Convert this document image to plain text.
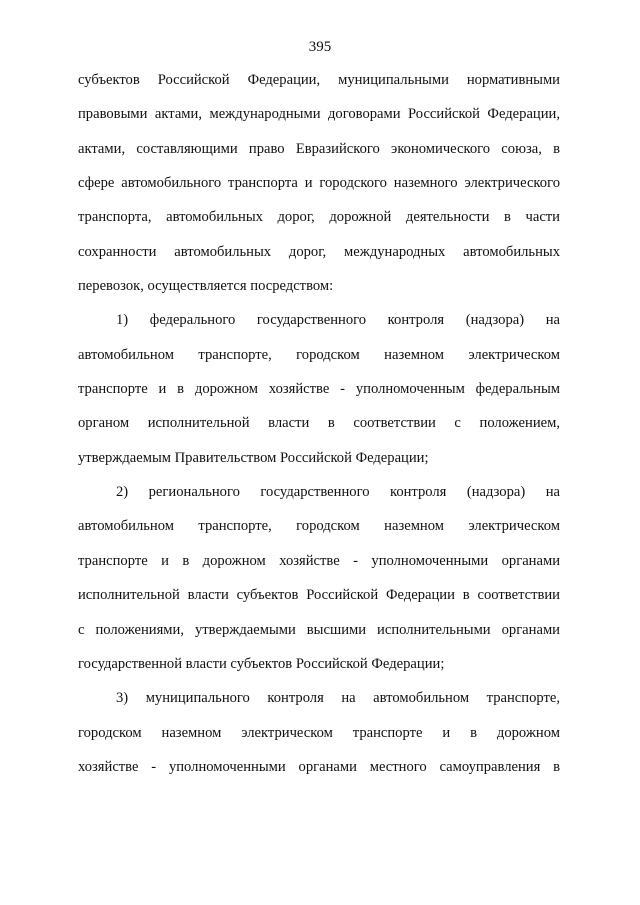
395
субъектов Российской Федерации, муниципальными нормативными
правовыми актами, международными договорами Российской Федерации,
актами, составляющими право Евразийского экономического союза, в
сфере автомобильного транспорта и городского наземного электрического
транспорта, автомобильных дорог, дорожной деятельности в части
сохранности автомобильных дорог, международных автомобильных
перевозок, осуществляется посредством:
1) федерального государственного контроля (надзора) на
автомобильном транспорте, городском наземном электрическом
транспорте и в дорожном хозяйстве - уполномоченным федеральным
органом исполнительной власти в соответствии с положением,
утверждаемым Правительством Российской Федерации;
2) регионального государственного контроля (надзора) на
автомобильном транспорте, городском наземном электрическом
транспорте и в дорожном хозяйстве - уполномоченными органами
исполнительной власти субъектов Российской Федерации в соответствии
с положениями, утверждаемыми высшими исполнительными органами
государственной власти субъектов Российской Федерации;
3) муниципального контроля на автомобильном транспорте,
городском наземном электрическом транспорте и в дорожном
хозяйстве - уполномоченными органами местного самоуправления в
